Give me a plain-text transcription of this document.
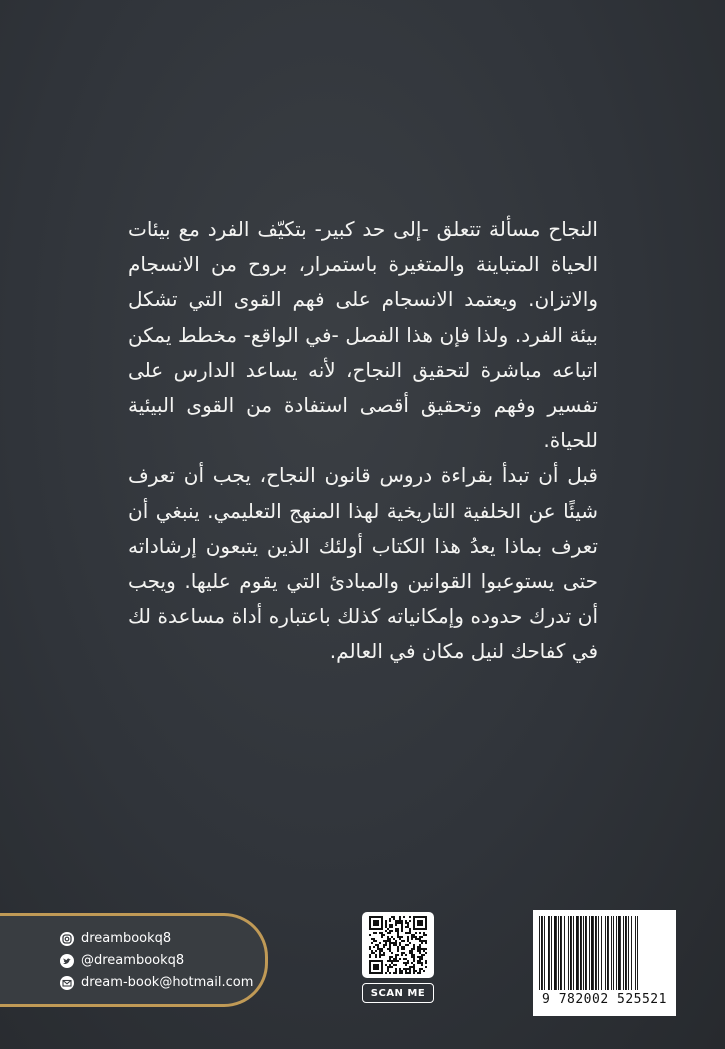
النجاح مسألة تتعلق -إلى حد كبير- بتكيّف الفرد مع بيئات الحياة المتباينة والمتغيرة باستمرار، بروح من الانسجام والاتزان. ويعتمد الانسجام على فهم القوى التي تشكل بيئة الفرد. ولذا فإن هذا الفصل -في الواقع- مخطط يمكن اتباعه مباشرة لتحقيق النجاح، لأنه يساعد الدارس على تفسير وفهم وتحقيق أقصى استفادة من القوى البيئية للحياة.

قبل أن تبدأ بقراءة دروس قانون النجاح، يجب أن تعرف شيئًا عن الخلفية التاريخية لهذا المنهج التعليمي. ينبغي أن تعرف بماذا يعدُ هذا الكتاب أولئك الذين يتبعون إرشاداته حتى يستوعبوا القوانين والمبادئ التي يقوم عليها. ويجب أن تدرك حدوده وإمكانياته كذلك باعتباره أداة مساعدة لك في كفاحك لنيل مكان في العالم.

dreambookq8
@dreambookq8
dream-book@hotmail.com
SCAN ME	9 782002 525521
